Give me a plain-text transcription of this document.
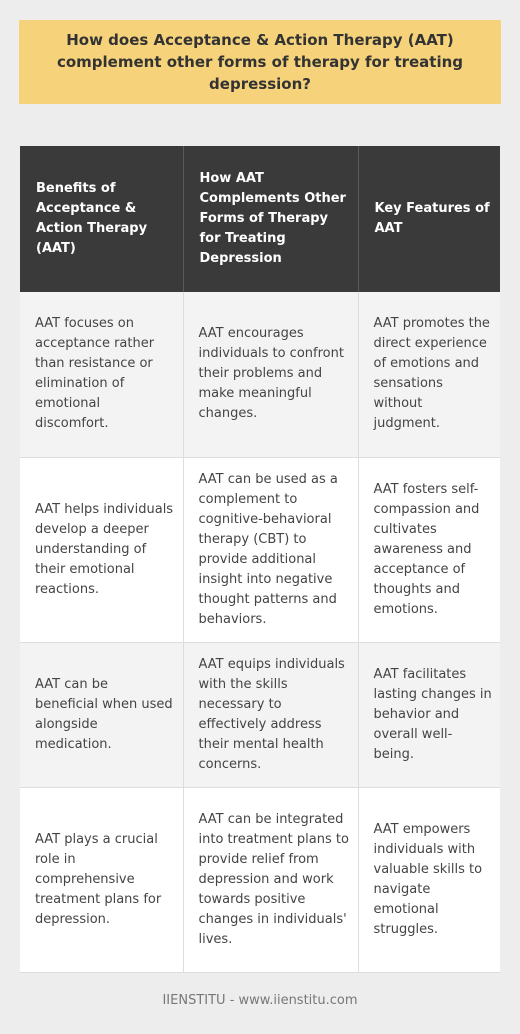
How does Acceptance & Action Therapy (AAT) complement other forms of therapy for treating depression?
Benefits of Acceptance & Action Therapy (AAT)	How AAT Complements Other Forms of Therapy for Treating Depression	Key Features of AAT
AAT focuses on acceptance rather than resistance or elimination of emotional discomfort.	AAT encourages individuals to confront their problems and make meaningful changes.	AAT promotes the direct experience of emotions and sensations without judgment.
AAT helps individuals develop a deeper understanding of their emotional reactions.	AAT can be used as a complement to cognitive-behavioral therapy (CBT) to provide additional insight into negative thought patterns and behaviors.	AAT fosters self-compassion and cultivates awareness and acceptance of thoughts and emotions.
AAT can be beneficial when used alongside medication.	AAT equips individuals with the skills necessary to effectively address their mental health concerns.	AAT facilitates lasting changes in behavior and overall well-being.
AAT plays a crucial role in comprehensive treatment plans for depression.	AAT can be integrated into treatment plans to provide relief from depression and work towards positive changes in individuals' lives.	AAT empowers individuals with valuable skills to navigate emotional struggles.
IIENSTITU - www.iienstitu.com
